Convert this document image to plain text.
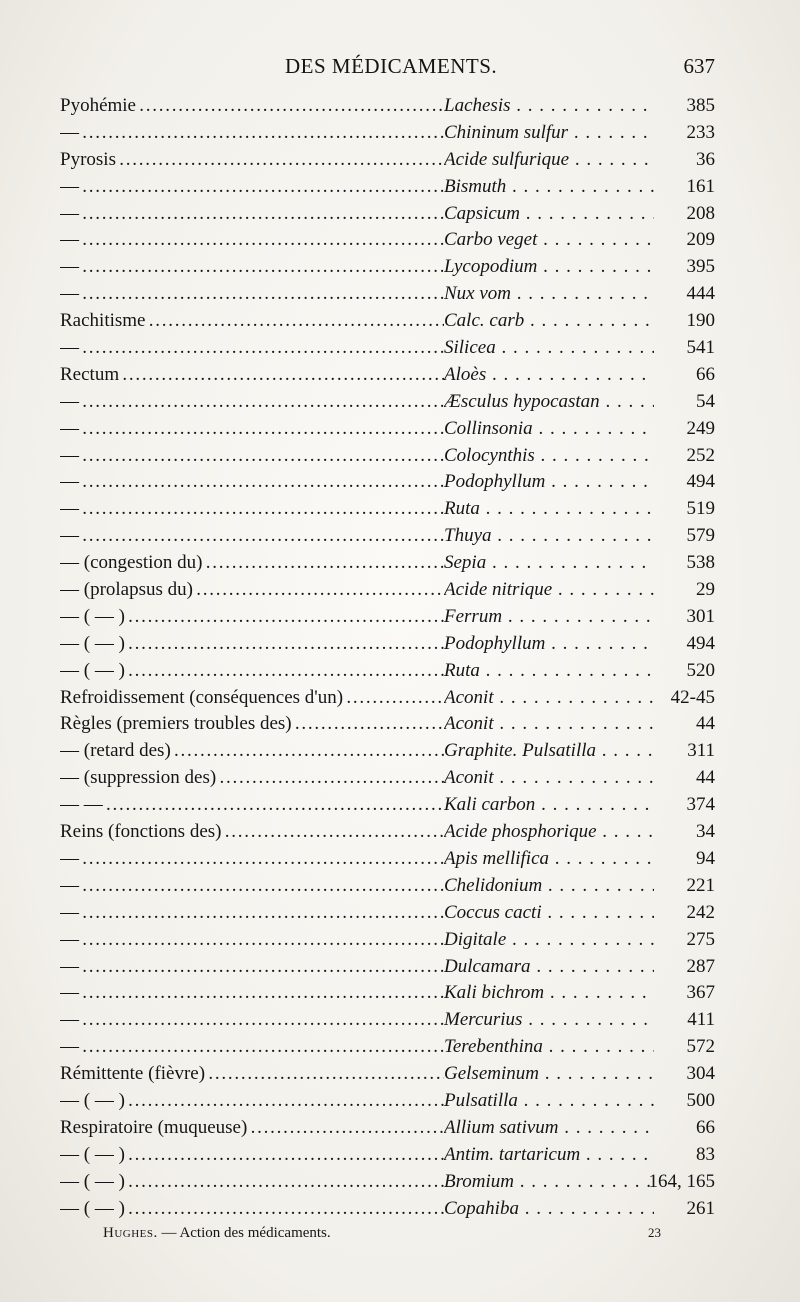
DES MÉDICAMENTS.	637
Pyohémie . . .	Lachesis . . .	385
— . . .	Chininum sulfur . . .	233
Pyrosis . . .	Acide sulfurique . . .	36
— . . .	Bismuth . . .	161
— . . .	Capsicum . . .	208
— . . .	Carbo veget . . .	209
— . . .	Lycopodium . . .	395
— . . .	Nux vom . . .	444
Rachitisme . . .	Calc. carb . . .	190
— . . .	Silicea . . .	541
Rectum . . .	Aloès . . .	66
— . . .	Æsculus hypocastan . . .	54
— . . .	Collinsonia . . .	249
— . . .	Colocynthis . . .	252
— . . .	Podophyllum . . .	494
— . . .	Ruta . . .	519
— . . .	Thuya . . .	579
— (congestion du) . . .	Sepia . . .	538
— (prolapsus du) . . .	Acide nitrique . . .	29
— ( — ) . . .	Ferrum . . .	301
— ( — ) . . .	Podophyllum . . .	494
— ( — ) . . .	Ruta . . .	520
Refroidissement (conséquences d'un) . . .	Aconit . . .	42-45
Règles (premiers troubles des) . . .	Aconit . . .	44
— (retard des) . . .	Graphite. Pulsatilla . . .	311
— (suppression des) . . .	Aconit . . .	44
— — . . .	Kali carbon . . .	374
Reins (fonctions des) . . .	Acide phosphorique . . .	34
— . . .	Apis mellifica . . .	94
— . . .	Chelidonium . . .	221
— . . .	Coccus cacti . . .	242
— . . .	Digitale . . .	275
— . . .	Dulcamara . . .	287
— . . .	Kali bichrom . . .	367
— . . .	Mercurius . . .	411
— . . .	Terebenthina . . .	572
Rémittente (fièvre) . . .	Gelseminum . . .	304
— ( — ) . . .	Pulsatilla . . .	500
Respiratoire (muqueuse) . . .	Allium sativum . . .	66
— ( — ) . . .	Antim. tartaricum . . .	83
— ( — ) . . .	Bromium . . .	164, 165
— ( — ) . . .	Copahiba . . .	261
Hughes. — Action des médicaments.	23
